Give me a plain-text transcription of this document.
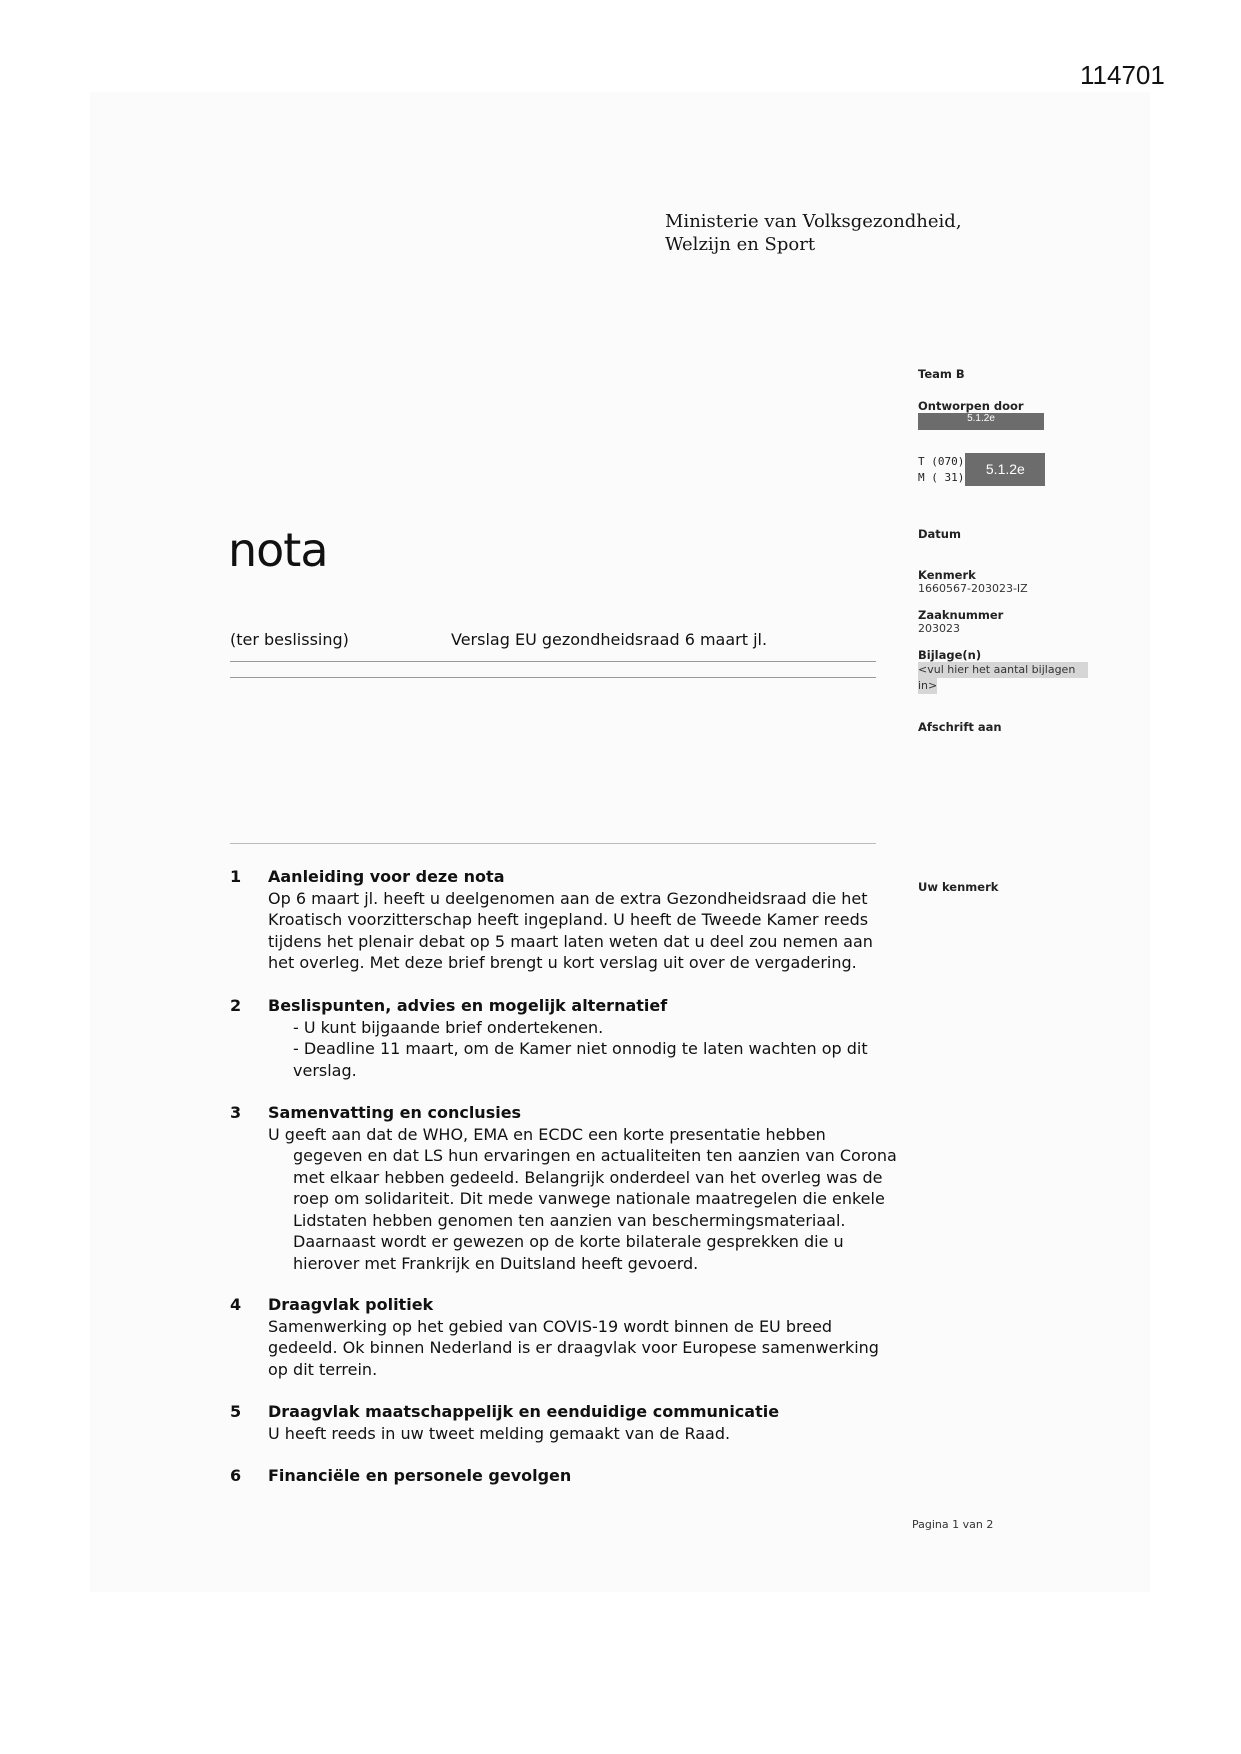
114701
Ministerie van Volksgezondheid,
Welzijn en Sport
Team B
Ontworpen door
5.1.2e
T (070)
M ( 31)	5.1.2e
Datum
Kenmerk
1660567-203023-IZ
Zaaknummer
203023
Bijlage(n)
<vul hier het aantal bijlagen
in>
Afschrift aan
Uw kenmerk
nota
(ter beslissing)	Verslag EU gezondheidsraad 6 maart jl.
1 Aanleiding voor deze nota
Op 6 maart jl. heeft u deelgenomen aan de extra Gezondheidsraad die het
Kroatisch voorzitterschap heeft ingepland. U heeft de Tweede Kamer reeds
tijdens het plenair debat op 5 maart laten weten dat u deel zou nemen aan
het overleg. Met deze brief brengt u kort verslag uit over de vergadering.
2 Beslispunten, advies en mogelijk alternatief
- U kunt bijgaande brief ondertekenen.
- Deadline 11 maart, om de Kamer niet onnodig te laten wachten op dit
verslag.
3 Samenvatting en conclusies
U geeft aan dat de WHO, EMA en ECDC een korte presentatie hebben
gegeven en dat LS hun ervaringen en actualiteiten ten aanzien van Corona
met elkaar hebben gedeeld. Belangrijk onderdeel van het overleg was de
roep om solidariteit. Dit mede vanwege nationale maatregelen die enkele
Lidstaten hebben genomen ten aanzien van beschermingsmateriaal.
Daarnaast wordt er gewezen op de korte bilaterale gesprekken die u
hierover met Frankrijk en Duitsland heeft gevoerd.
4 Draagvlak politiek
Samenwerking op het gebied van COVIS-19 wordt binnen de EU breed
gedeeld. Ok binnen Nederland is er draagvlak voor Europese samenwerking
op dit terrein.
5 Draagvlak maatschappelijk en eenduidige communicatie
U heeft reeds in uw tweet melding gemaakt van de Raad.
6 Financiële en personele gevolgen
Pagina 1 van 2
